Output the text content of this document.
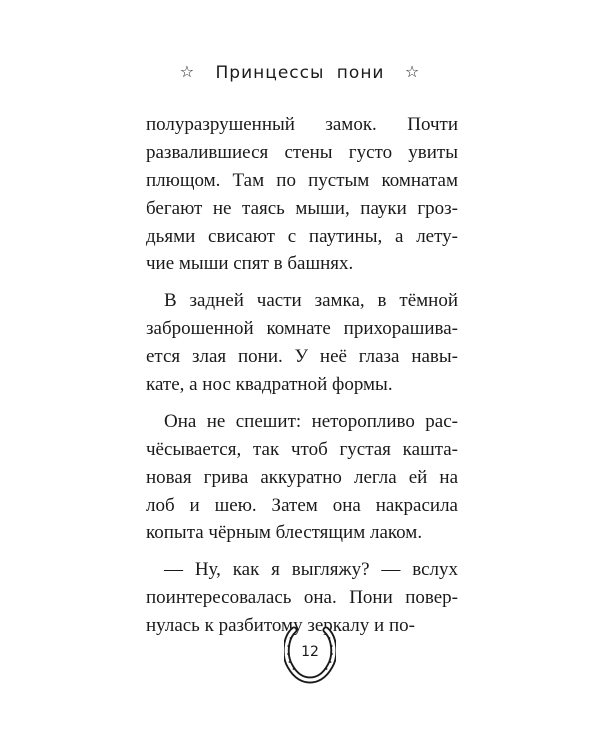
☆ Принцессы пони ☆
полуразрушенный замок. Почти
развалившиеся стены густо увиты
плющом. Там по пустым комнатам
бегают не таясь мыши, пауки грoз-
дьями свисают с паутины, а лету-
чие мыши спят в башнях.
В задней части замка, в тёмной
заброшенной комнате прихорашива-
ется злая пони. У неё глаза навы-
кате, а нос квадратной формы.
Она не спешит: неторопливо рас-
чёсывается, так чтоб густая кашта-
новая грива аккуратно легла ей на
лоб и шею. Затем она накрасила
копыта чёрным блестящим лаком.
— Ну, как я выгляжу? — вслух
поинтересовалась она. Пони повер-
нулась к разбитому зеркалу и по-
12
